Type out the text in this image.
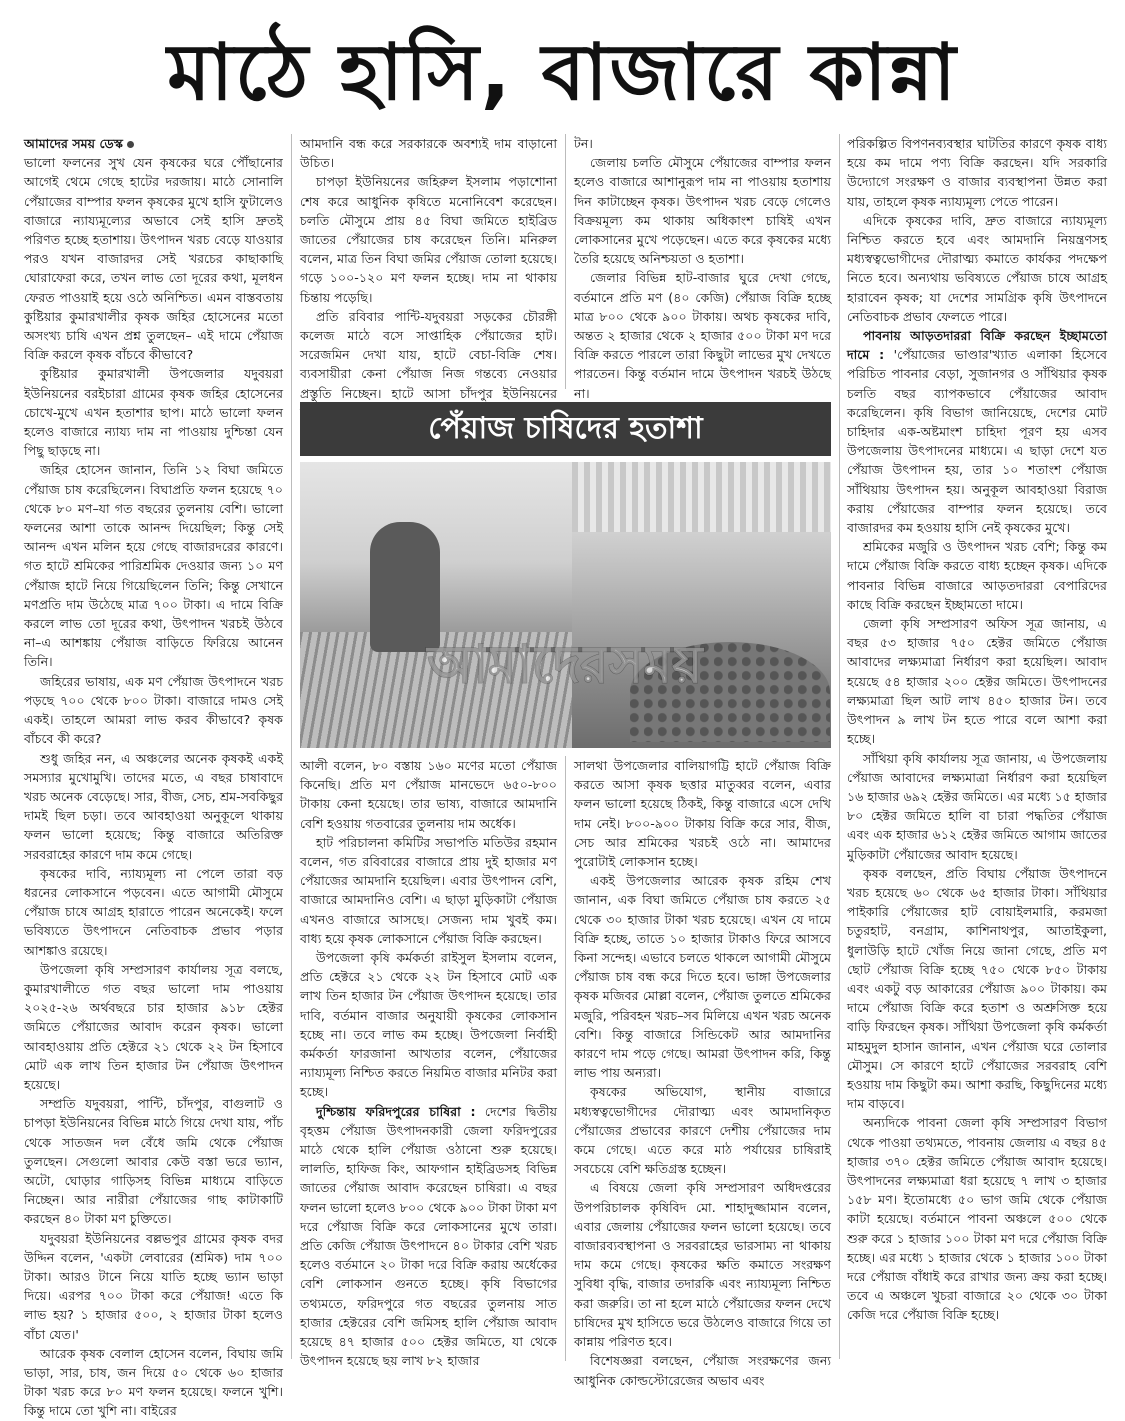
মাঠে হাসি, বাজারে কান্না

আমাদের সময় ডেস্ক

ভালো ফলনের সুখ যেন কৃষকের ঘরে পৌঁছানোর আগেই থেমে গেছে হাটের দরজায়। মাঠে সোনালি পেঁয়াজের বাম্পার ফলন কৃষকের মুখে হাসি ফুটালেও বাজারে ন্যায্যমূল্যের অভাবে সেই হাসি দ্রুতই পরিণত হচ্ছে হতাশায়। উৎপাদন খরচ বেড়ে যাওয়ার পরও যখন বাজারদর সেই খরচের কাছাকাছি ঘোরাফেরা করে, তখন লাভ তো দূরের কথা, মূলধন ফেরত পাওয়াই হয়ে ওঠে অনিশ্চিত। এমন বাস্তবতায় কুষ্টিয়ার কুমারখালীর কৃষক জহির হোসেনের মতো অসংখ্য চাষি এখন প্রশ্ন তুলছেন– এই দামে পেঁয়াজ বিক্রি করলে কৃষক বাঁচবে কীভাবে?

কুষ্টিয়ার কুমারখালী উপজেলার যদুবয়রা ইউনিয়নের বরইচারা গ্রামের কৃষক জহির হোসেনের চোখে-মুখে এখন হতাশার ছাপ। মাঠে ভালো ফলন হলেও বাজারে ন্যায্য দাম না পাওয়ায় দুশ্চিন্তা যেন পিছু ছাড়ছে না।

জহির হোসেন জানান, তিনি ১২ বিঘা জমিতে পেঁয়াজ চাষ করেছিলেন। বিঘাপ্রতি ফলন হয়েছে ৭০ থেকে ৮০ মণ–যা গত বছরের তুলনায় বেশি। ভালো ফলনের আশা তাকে আনন্দ দিয়েছিল; কিন্তু সেই আনন্দ এখন মলিন হয়ে গেছে বাজারদরের কারণে। গত হাটে শ্রমিকের পারিশ্রমিক দেওয়ার জন্য ১০ মণ পেঁয়াজ হাটে নিয়ে গিয়েছিলেন তিনি; কিন্তু সেখানে মণপ্রতি দাম উঠেছে মাত্র ৭০০ টাকা। এ দামে বিক্রি করলে লাভ তো দূরের কথা, উৎপাদন খরচই উঠবে না–এ আশঙ্কায় পেঁয়াজ বাড়িতে ফিরিয়ে আনেন তিনি।

জহিরের ভাষায়, এক মণ পেঁয়াজ উৎপাদনে খরচ পড়ছে ৭০০ থেকে ৮০০ টাকা। বাজারে দামও সেই একই। তাহলে আমরা লাভ করব কীভাবে? কৃষক বাঁচবে কী করে?

শুধু জহির নন, এ অঞ্চলের অনেক কৃষকই একই সমস্যার মুখোমুখি। তাদের মতে, এ বছর চাষাবাদে খরচ অনেক বেড়েছে। সার, বীজ, সেচ, শ্রম-সবকিছুর দামই ছিল চড়া। তবে আবহাওয়া অনুকূলে থাকায় ফলন ভালো হয়েছে; কিন্তু বাজারে অতিরিক্ত সরবরাহের কারণে দাম কমে গেছে।

কৃষকের দাবি, ন্যায্যমূল্য না পেলে তারা বড় ধরনের লোকসানে পড়বেন। এতে আগামী মৌসুমে পেঁয়াজ চাষে আগ্রহ হারাতে পারেন অনেকেই। ফলে ভবিষ্যতে উৎপাদনে নেতিবাচক প্রভাব পড়ার আশঙ্কাও রয়েছে।

উপজেলা কৃষি সম্প্রসারণ কার্যালয় সূত্র বলছে, কুমারখালীতে গত বছর ভালো দাম পাওয়ায় ২০২৫-২৬ অর্থবছরে চার হাজার ৯১৮ হেক্টর জমিতে পেঁয়াজের আবাদ করেন কৃষক। ভালো আবহাওয়ায় প্রতি হেক্টরে ২১ থেকে ২২ টন হিসাবে মোট এক লাখ তিন হাজার টন পেঁয়াজ উৎপাদন হয়েছে।

সম্প্রতি যদুবয়রা, পান্টি, চাঁদপুর, বাগুলাট ও চাপড়া ইউনিয়নের বিভিন্ন মাঠে গিয়ে দেখা যায়, পাঁচ থেকে সাতজন দল বেঁধে জমি থেকে পেঁয়াজ তুলছেন। সেগুলো আবার কেউ বস্তা ভরে ভ্যান, অটো, ঘোড়ার গাড়িসহ বিভিন্ন মাধ্যমে বাড়িতে নিচ্ছেন। আর নারীরা পেঁয়াজের গাছ কাটাকাটি করছেন ৪০ টাকা মণ চুক্তিতে।

যদুবয়রা ইউনিয়নের বল্লভপুর গ্রামের কৃষক বদর উদ্দিন বলেন, 'একটা লেবারের (শ্রমিক) দাম ৭০০ টাকা। আরও টানে নিয়ে যাতি হচ্ছে ভ্যান ভাড়া দিয়ে। এরপর ৭০০ টাকা করে পেঁয়াজ! এতে কি লাভ হয়? ১ হাজার ৫০০, ২ হাজার টাকা হলেও বাঁচা যেত।'

আরেক কৃষক বেলাল হোসেন বলেন, বিঘায় জমি ভাড়া, সার, চাষ, জন দিয়ে ৫০ থেকে ৬০ হাজার টাকা খরচ করে ৮০ মণ ফলন হয়েছে। ফলনে খুশি। কিন্তু দামে তো খুশি না। বাইরের

আমদানি বন্ধ করে সরকারকে অবশ্যই দাম বাড়ানো উচিত।

চাপড়া ইউনিয়নের জহিরুল ইসলাম পড়াশোনা শেষ করে আধুনিক কৃষিতে মনোনিবেশ করেছেন। চলতি মৌসুমে প্রায় ৪৫ বিঘা জমিতে হাইব্রিড জাতের পেঁয়াজের চাষ করেছেন তিনি। মনিরুল বলেন, মাত্র তিন বিঘা জমির পেঁয়াজ তোলা হয়েছে। গড়ে ১০০-১২০ মণ ফলন হচ্ছে। দাম না থাকায় চিন্তায় পড়েছি।

প্রতি রবিবার পান্টি-যদুবয়রা সড়কের চৌরঙ্গী কলেজ মাঠে বসে সাপ্তাহিক পেঁয়াজের হাট। সরেজমিন দেখা যায়, হাটে বেচা-বিক্রি শেষ। ব্যবসায়ীরা কেনা পেঁয়াজ নিজ গন্তব্যে নেওয়ার প্রস্তুতি নিচ্ছেন। হাটে আসা চাঁদপুর ইউনিয়নের

টন।

জেলায় চলতি মৌসুমে পেঁয়াজের বাম্পার ফলন হলেও বাজারে আশানুরূপ দাম না পাওয়ায় হতাশায় দিন কাটাচ্ছেন কৃষক। উৎপাদন খরচ বেড়ে গেলেও বিক্রয়মূল্য কম থাকায় অধিকাংশ চাষিই এখন লোকসানের মুখে পড়েছেন। এতে করে কৃষকের মধ্যে তৈরি হয়েছে অনিশ্চয়তা ও হতাশা।

জেলার বিভিন্ন হাট-বাজার ঘুরে দেখা গেছে, বর্তমানে প্রতি মণ (৪০ কেজি) পেঁয়াজ বিক্রি হচ্ছে মাত্র ৮০০ থেকে ৯০০ টাকায়। অথচ কৃষকের দাবি, অন্তত ২ হাজার থেকে ২ হাজার ৫০০ টাকা মণ দরে বিক্রি করতে পারলে তারা কিছুটা লাভের মুখ দেখতে পারতেন। কিন্তু বর্তমান দামে উৎপাদন খরচই উঠছে না।

পেঁয়াজ চাষিদের হতাশা
আমাদেরসময়

আলী বলেন, ৮০ বস্তায় ১৬০ মণের মতো পেঁয়াজ কিনেছি। প্রতি মণ পেঁয়াজ মানভেদে ৬৫০-৮০০ টাকায় কেনা হয়েছে। তার ভাষ্য, বাজারে আমদানি বেশি হওয়ায় গতবারের তুলনায় দাম অর্ধেক।

হাট পরিচালনা কমিটির সভাপতি মতিউর রহমান বলেন, গত রবিবারের বাজারে প্রায় দুই হাজার মণ পেঁয়াজের আমদানি হয়েছিল। এবার উৎপাদন বেশি, বাজারে আমদানিও বেশি। এ ছাড়া মুড়িকাটা পেঁয়াজ এখনও বাজারে আসছে। সেজন্য দাম খুবই কম। বাধ্য হয়ে কৃষক লোকসানে পেঁয়াজ বিক্রি করছেন।

উপজেলা কৃষি কর্মকর্তা রাইসুল ইসলাম বলেন, প্রতি হেক্টরে ২১ থেকে ২২ টন হিসাবে মোট এক লাখ তিন হাজার টন পেঁয়াজ উৎপাদন হয়েছে। তার দাবি, বর্তমান বাজার অনুযায়ী কৃষকের লোকসান হচ্ছে না। তবে লাভ কম হচ্ছে। উপজেলা নির্বাহী কর্মকর্তা ফারজানা আখতার বলেন, পেঁয়াজের ন্যায্যমূল্য নিশ্চিত করতে নিয়মিত বাজার মনিটর করা হচ্ছে।

দুশ্চিন্তায় ফরিদপুরের চাষিরা : দেশের দ্বিতীয় বৃহত্তম পেঁয়াজ উৎপাদনকারী জেলা ফরিদপুরের মাঠে থেকে হালি পেঁয়াজ ওঠানো শুরু হয়েছে। লালতি, হাফিজ কিং, আফগান হাইব্রিডসহ বিভিন্ন জাতের পেঁয়াজ আবাদ করেছেন চাষিরা। এ বছর ফলন ভালো হলেও ৮০০ থেকে ৯০০ টাকা টাকা মণ দরে পেঁয়াজ বিক্রি করে লোকসানের মুখে তারা। প্রতি কেজি পেঁয়াজ উৎপাদনে ৪০ টাকার বেশি খরচ হলেও বর্তমানে ২০ টাকা দরে বিক্রি করায় অর্ধেকের বেশি লোকসান গুনতে হচ্ছে। কৃষি বিভাগের তথ্যমতে, ফরিদপুরে গত বছরের তুলনায় সাত হাজার হেক্টরের বেশি জমিসহ হালি পেঁয়াজ আবাদ হয়েছে ৪৭ হাজার ৫০০ হেক্টর জমিতে, যা থেকে উৎপাদন হয়েছে ছয় লাখ ৮২ হাজার

সালথা উপজেলার বালিয়াগট্টি হাটে পেঁয়াজ বিক্রি করতে আসা কৃষক ছত্তার মাতুব্বর বলেন, এবার ফলন ভালো হয়েছে ঠিকই, কিন্তু বাজারে এসে দেখি দাম নেই। ৮০০-৯০০ টাকায় বিক্রি করে সার, বীজ, সেচ আর শ্রমিকের খরচই ওঠে না। আমাদের পুরোটাই লোকসান হচ্ছে।

একই উপজেলার আরেক কৃষক রহিম শেখ জানান, এক বিঘা জমিতে পেঁয়াজ চাষ করতে ২৫ থেকে ৩০ হাজার টাকা খরচ হয়েছে। এখন যে দামে বিক্রি হচ্ছে, তাতে ১০ হাজার টাকাও ফিরে আসবে কিনা সন্দেহ। এভাবে চলতে থাকলে আগামী মৌসুমে পেঁয়াজ চাষ বন্ধ করে দিতে হবে। ভাঙ্গা উপজেলার কৃষক মজিবর মোল্লা বলেন, পেঁয়াজ তুলতে শ্রমিকের মজুরি, পরিবহন খরচ–সব মিলিয়ে এখন খরচ অনেক বেশি। কিন্তু বাজারে সিন্ডিকেট আর আমদানির কারণে দাম পড়ে গেছে। আমরা উৎপাদন করি, কিন্তু লাভ পায় অন্যরা।

কৃষকের অভিযোগ, স্থানীয় বাজারে মধ্যস্বত্বভোগীদের দৌরাত্ম্য এবং আমদানিকৃত পেঁয়াজের প্রভাবের কারণে দেশীয় পেঁয়াজের দাম কমে গেছে। এতে করে মাঠ পর্যায়ের চাষিরাই সবচেয়ে বেশি ক্ষতিগ্রস্ত হচ্ছেন।

এ বিষয়ে জেলা কৃষি সম্প্রসারণ অধিদপ্তরের উপপরিচালক কৃষিবিদ মো. শাহাদুজ্জামান বলেন, এবার জেলায় পেঁয়াজের ফলন ভালো হয়েছে। তবে বাজারব্যবস্থাপনা ও সরবরাহের ভারসাম্য না থাকায় দাম কমে গেছে। কৃষকের ক্ষতি কমাতে সংরক্ষণ সুবিধা বৃদ্ধি, বাজার তদারকি এবং ন্যায্যমূল্য নিশ্চিত করা জরুরি। তা না হলে মাঠে পেঁয়াজের ফলন দেখে চাষিদের মুখ হাসিতে ভরে উঠলেও বাজারে গিয়ে তা কান্নায় পরিণত হবে।

বিশেষজ্ঞরা বলছেন, পেঁয়াজ সংরক্ষণের জন্য আধুনিক কোল্ডস্টোরেজের অভাব এবং

পরিকল্পিত বিপণনব্যবস্থার ঘাটতির কারণে কৃষক বাধ্য হয়ে কম দামে পণ্য বিক্রি করছেন। যদি সরকারি উদ্যোগে সংরক্ষণ ও বাজার ব্যবস্থাপনা উন্নত করা যায়, তাহলে কৃষক ন্যায্যমূল্য পেতে পারেন।

এদিকে কৃষকের দাবি, দ্রুত বাজারে ন্যায্যমূল্য নিশ্চিত করতে হবে এবং আমদানি নিয়ন্ত্রণসহ মধ্যস্বত্বভোগীদের দৌরাত্ম্য কমাতে কার্যকর পদক্ষেপ নিতে হবে। অন্যথায় ভবিষ্যতে পেঁয়াজ চাষে আগ্রহ হারাবেন কৃষক; যা দেশের সামগ্রিক কৃষি উৎপাদনে নেতিবাচক প্রভাব ফেলতে পারে।

পাবনায় আড়তদাররা বিক্রি করছেন ইচ্ছামতো দামে : 'পেঁয়াজের ভাণ্ডার'খ্যাত এলাকা হিসেবে পরিচিত পাবনার বেড়া, সুজানগর ও সাঁথিয়ার কৃষক চলতি বছর ব্যাপকভাবে পেঁয়াজের আবাদ করেছিলেন। কৃষি বিভাগ জানিয়েছে, দেশের মোট চাহিদার এক-অষ্টমাংশ চাহিদা পূরণ হয় এসব উপজেলায় উৎপাদনের মাধ্যমে। এ ছাড়া দেশে যত পেঁয়াজ উৎপাদন হয়, তার ১০ শতাংশ পেঁয়াজ সাঁথিয়ায় উৎপাদন হয়। অনুকূল আবহাওয়া বিরাজ করায় পেঁয়াজের বাম্পার ফলন হয়েছে। তবে বাজারদর কম হওয়ায় হাসি নেই কৃষকের মুখে।

শ্রমিকের মজুরি ও উৎপাদন খরচ বেশি; কিন্তু কম দামে পেঁয়াজ বিক্রি করতে বাধ্য হচ্ছেন কৃষক। এদিকে পাবনার বিভিন্ন বাজারে আড়তদাররা বেপারিদের কাছে বিক্রি করছেন ইচ্ছামতো দামে।

জেলা কৃষি সম্প্রসারণ অফিস সূত্র জানায়, এ বছর ৫৩ হাজার ৭৫০ হেক্টর জমিতে পেঁয়াজ আবাদের লক্ষ্যমাত্রা নির্ধারণ করা হয়েছিল। আবাদ হয়েছে ৫৪ হাজার ২০০ হেক্টর জমিতে। উৎপাদনের লক্ষ্যমাত্রা ছিল আট লাখ ৪৫০ হাজার টন। তবে উৎপাদন ৯ লাখ টন হতে পারে বলে আশা করা হচ্ছে।

সাঁথিয়া কৃষি কার্যালয় সূত্র জানায়, এ উপজেলায় পেঁয়াজ আবাদের লক্ষ্যমাত্রা নির্ধারণ করা হয়েছিল ১৬ হাজার ৬৯২ হেক্টর জমিতে। এর মধ্যে ১৫ হাজার ৮০ হেক্টর জমিতে হালি বা চারা পদ্ধতির পেঁয়াজ এবং এক হাজার ৬১২ হেক্টর জমিতে আগাম জাতের মুড়িকাটা পেঁয়াজের আবাদ হয়েছে।

কৃষক বলছেন, প্রতি বিঘায় পেঁয়াজ উৎপাদনে খরচ হয়েছে ৬০ থেকে ৬৫ হাজার টাকা। সাঁথিয়ার পাইকারি পেঁয়াজের হাট বোয়াইলমারি, করমজা চতুরহাট, বনগ্রাম, কাশিনাথপুর, আতাইকুলা, ধুলাউড়ি হাটে খোঁজ নিয়ে জানা গেছে, প্রতি মণ ছোট পেঁয়াজ বিক্রি হচ্ছে ৭৫০ থেকে ৮৫০ টাকায় এবং একটু বড় আকারের পেঁয়াজ ৯০০ টাকায়। কম দামে পেঁয়াজ বিক্রি করে হতাশ ও অশ্রুসিক্ত হয়ে বাড়ি ফিরছেন কৃষক। সাঁথিয়া উপজেলা কৃষি কর্মকর্তা মাহমুদুল হাসান জানান, এখন পেঁয়াজ ঘরে তোলার মৌসুম। সে কারণে হাটে পেঁয়াজের সরবরাহ বেশি হওয়ায় দাম কিছুটা কম। আশা করছি, কিছুদিনের মধ্যে দাম বাড়বে।

অন্যদিকে পাবনা জেলা কৃষি সম্প্রসারণ বিভাগ থেকে পাওয়া তথ্যমতে, পাবনায় জেলায় এ বছর ৪৫ হাজার ৩৭০ হেক্টর জমিতে পেঁয়াজ আবাদ হয়েছে। উৎপাদনের লক্ষ্যমাত্রা ধরা হয়েছে ৭ লাখ ৩ হাজার ১৫৮ মণ। ইতোমধ্যে ৫০ ভাগ জমি থেকে পেঁয়াজ কাটা হয়েছে। বর্তমানে পাবনা অঞ্চলে ৫০০ থেকে শুরু করে ১ হাজার ১০০ টাকা মণ দরে পেঁয়াজ বিক্রি হচ্ছে। এর মধ্যে ১ হাজার থেকে ১ হাজার ১০০ টাকা দরে পেঁয়াজ বাঁধাই করে রাখার জন্য ক্রয় করা হচ্ছে। তবে এ অঞ্চলে খুচরা বাজারে ২০ থেকে ৩০ টাকা কেজি দরে পেঁয়াজ বিক্রি হচ্ছে।
